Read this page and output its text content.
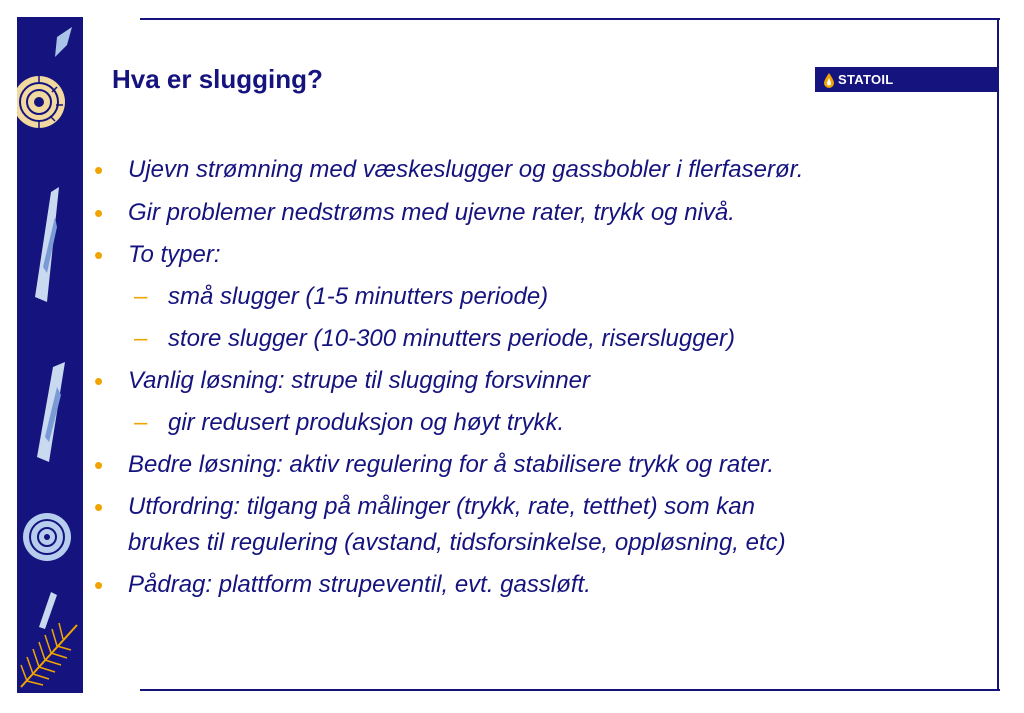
Hva er slugging?	STATOIL
• Ujevn strømning med væskeslugger og gassbobler i flerfaserør.
• Gir problemer nedstrøms med ujevne rater, trykk og nivå.
• To typer:
– små slugger (1-5 minutters periode)
– store slugger (10-300 minutters periode, riserslugger)
• Vanlig løsning: strupe til slugging forsvinner
– gir redusert produksjon og høyt trykk.
• Bedre løsning: aktiv regulering for å stabilisere trykk og rater.
• Utfordring: tilgang på målinger (trykk, rate, tetthet) som kan
brukes til regulering (avstand, tidsforsinkelse, oppløsning, etc)
• Pådrag: plattform strupeventil, evt. gassløft.
